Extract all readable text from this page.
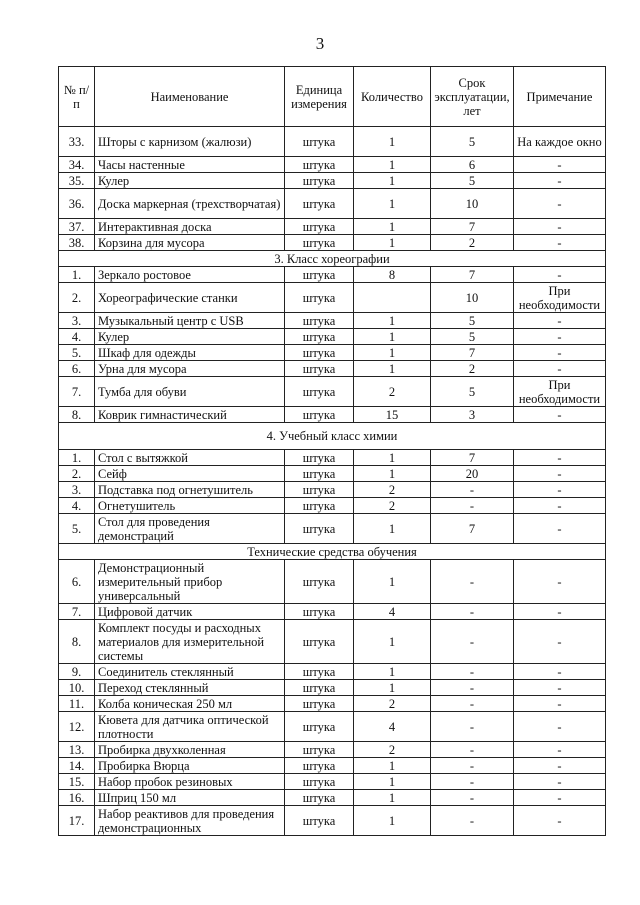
3
№ п/п	Наименование	Единица измерения	Количество	Срок эксплуатации, лет	Примечание
33.	Шторы с карнизом (жалюзи)	штука	1	5	На каждое окно
34.	Часы настенные	штука	1	6	-
35.	Кулер	штука	1	5	-
36.	Доска маркерная (трехстворчатая)	штука	1	10	-
37.	Интерактивная доска	штука	1	7	-
38.	Корзина для мусора	штука	1	2	-
3. Класс хореографии					
1.	Зеркало ростовое	штука	8	7	-
2.	Хореографические станки	штука		10	При необходимости
3.	Музыкальный центр с USB	штука	1	5	-
4.	Кулер	штука	1	5	-
5.	Шкаф для одежды	штука	1	7	-
6.	Урна для мусора	штука	1	2	-
7.	Тумба для обуви	штука	2	5	При необходимости
8.	Коврик гимнастический	штука	15	3	-
4. Учебный класс химии					
1.	Стол с вытяжкой	штука	1	7	-
2.	Сейф	штука	1	20	-
3.	Подставка под огнетушитель	штука	2	-	-
4.	Огнетушитель	штука	2	-	-
5.	Стол для проведения демонстраций	штука	1	7	-
Технические средства обучения					
6.	Демонстрационный измерительный прибор универсальный	штука	1	-	-
7.	Цифровой датчик	штука	4	-	-
8.	Комплект посуды и расходных материалов для измерительной системы	штука	1	-	-
9.	Соединитель стеклянный	штука	1	-	-
10.	Переход стеклянный	штука	1	-	-
11.	Колба коническая 250 мл	штука	2	-	-
12.	Кювета для датчика оптической плотности	штука	4	-	-
13.	Пробирка двухколенная	штука	2	-	-
14.	Пробирка Вюрца	штука	1	-	-
15.	Набор пробок резиновых	штука	1	-	-
16.	Шприц 150 мл	штука	1	-	-
17.	Набор реактивов для проведения демонстрационных	штука	1	-	-
